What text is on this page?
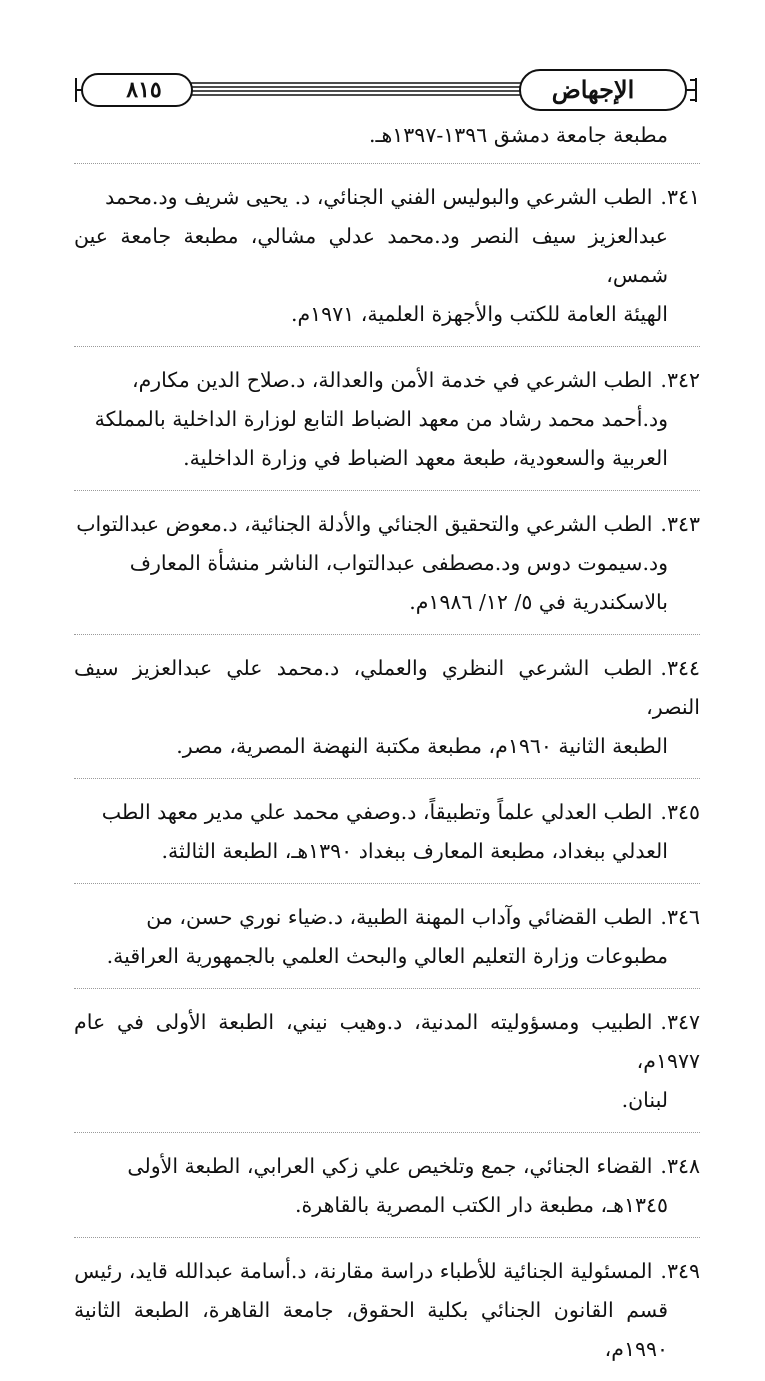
٨١٥	الإجهاض

مطبعة جامعة دمشق ١٣٩٦-١٣٩٧هـ.

٣٤١.الطب الشرعي والبوليس الفني الجنائي، د. يحيى شريف ود.محمد

عبدالعزيز سيف النصر ود.محمد عدلي مشالي، مطبعة جامعة عين شمس،

الهيئة العامة للكتب والأجهزة العلمية، ١٩٧١م.

٣٤٢.الطب الشرعي في خدمة الأمن والعدالة، د.صلاح الدين مكارم،

ود.أحمد محمد رشاد من معهد الضباط التابع لوزارة الداخلية بالمملكة

العربية والسعودية، طبعة معهد الضباط في وزارة الداخلية.

٣٤٣.الطب الشرعي والتحقيق الجنائي والأدلة الجنائية، د.معوض عبدالتواب

ود.سيموت دوس ود.مصطفى عبدالتواب، الناشر منشأة المعارف

بالاسكندرية في ٥/ ١٢/ ١٩٨٦م.

٣٤٤.الطب الشرعي النظري والعملي، د.محمد علي عبدالعزيز سيف النصر،

الطبعة الثانية ١٩٦٠م، مطبعة مكتبة النهضة المصرية، مصر.

٣٤٥.الطب العدلي علماً وتطبيقاً، د.وصفي محمد علي مدير معهد الطب

العدلي ببغداد، مطبعة المعارف ببغداد ١٣٩٠هـ، الطبعة الثالثة.

٣٤٦.الطب القضائي وآداب المهنة الطبية، د.ضياء نوري حسن، من

مطبوعات وزارة التعليم العالي والبحث العلمي بالجمهورية العراقية.

٣٤٧.الطبيب ومسؤوليته المدنية، د.وهيب نيني، الطبعة الأولى في عام ١٩٧٧م،

لبنان.

٣٤٨.القضاء الجنائي، جمع وتلخيص علي زكي العرابي، الطبعة الأولى

١٣٤٥هـ، مطبعة دار الكتب المصرية بالقاهرة.

٣٤٩.المسئولية الجنائية للأطباء دراسة مقارنة، د.أسامة عبدالله قايد، رئيس

قسم القانون الجنائي بكلية الحقوق، جامعة القاهرة، الطبعة الثانية ١٩٩٠م،
